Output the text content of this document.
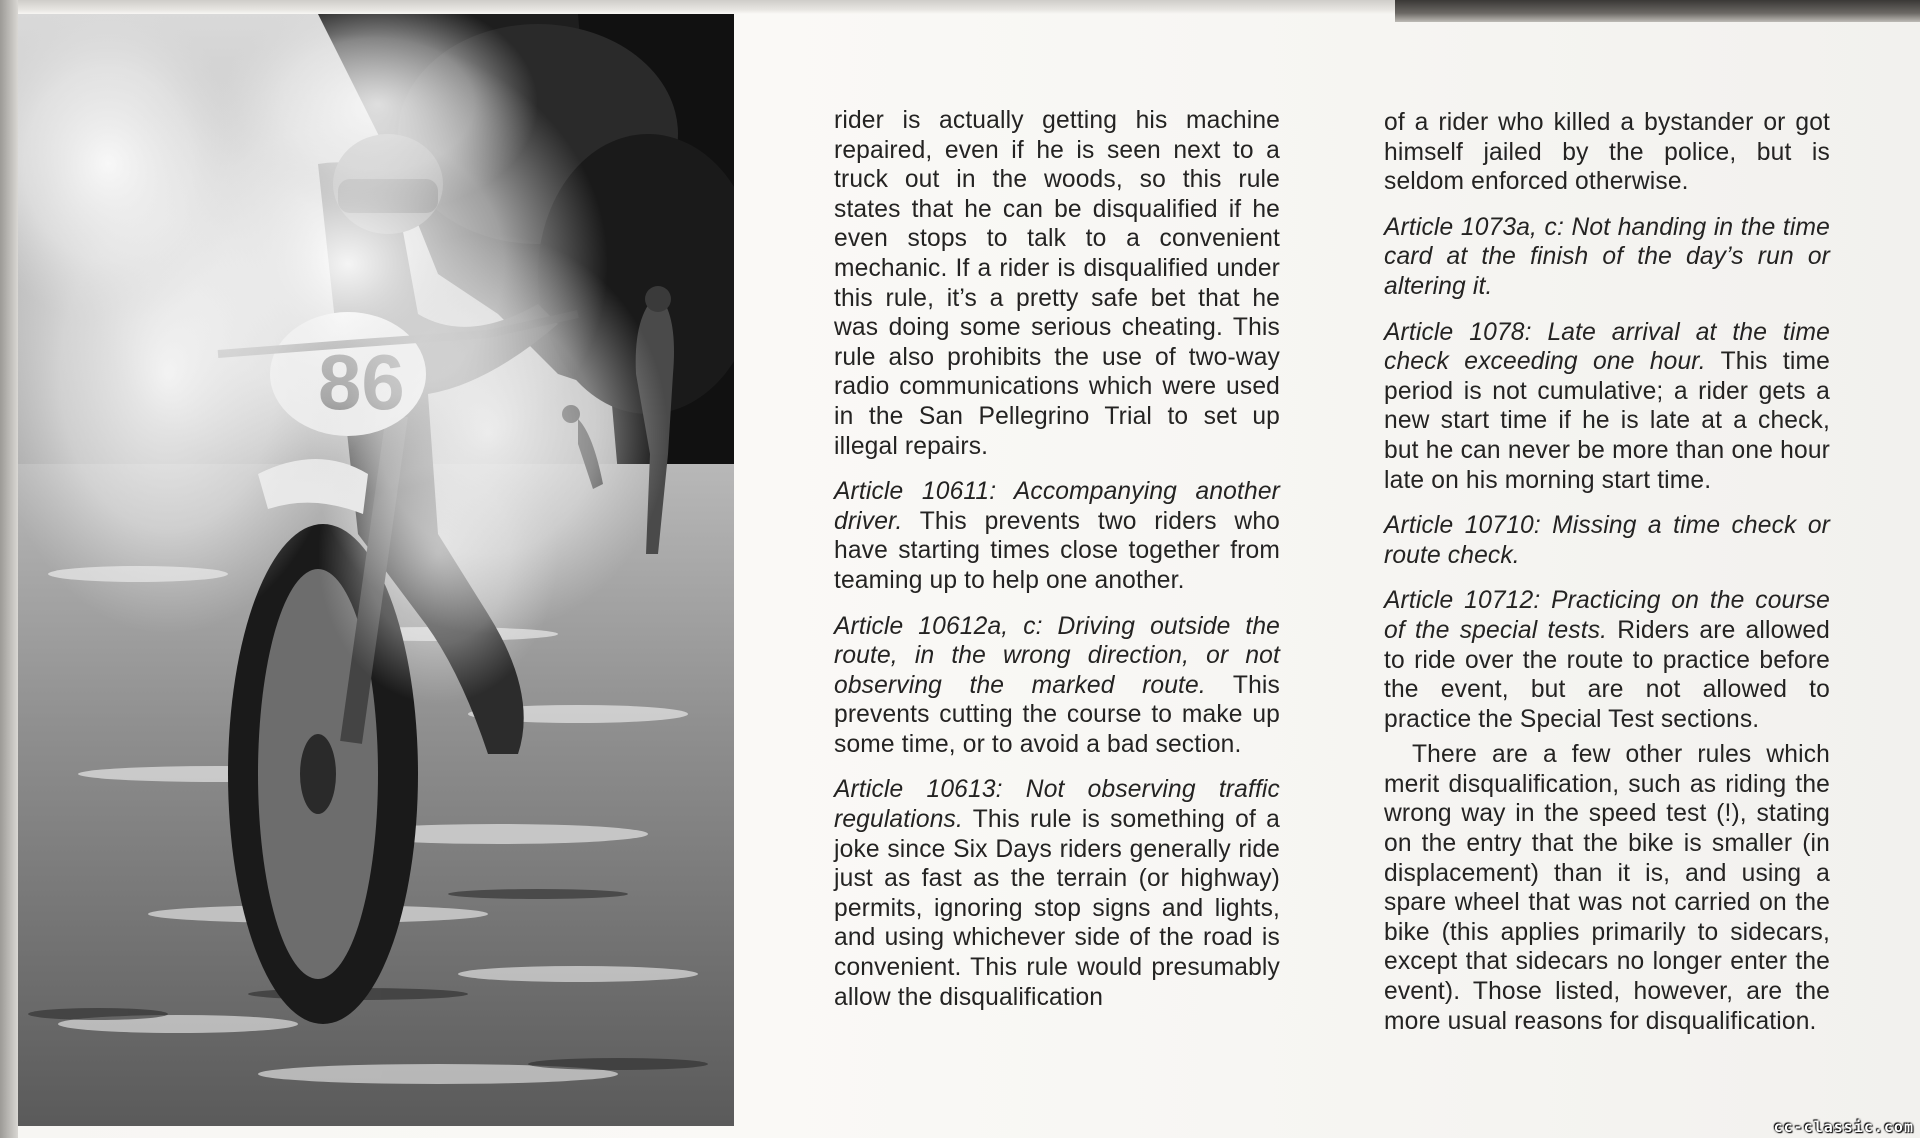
rider is actually getting his machine repaired, even if he is seen next to a truck out in the woods, so this rule states that he can be disqualified if he even stops to talk to a convenient mechanic. If a rider is disqualified under this rule, it’s a pretty safe bet that he was doing some serious cheating. This rule also prohibits the use of two-way radio communications which were used in the San Pellegrino Trial to set up illegal repairs.

Article 10611: Accompanying another driver. This prevents two riders who have starting times close together from teaming up to help one another.

Article 10612a, c: Driving outside the route, in the wrong direction, or not observing the marked route. This prevents cutting the course to make up some time, or to avoid a bad section.

Article 10613: Not observing traffic regulations. This rule is something of a joke since Six Days riders generally ride just as fast as the terrain (or highway) permits, ignoring stop signs and lights, and using whichever side of the road is convenient. This rule would presumably allow the disqualification

of a rider who killed a bystander or got himself jailed by the police, but is seldom enforced otherwise.

Article 1073a, c: Not handing in the time card at the finish of the day’s run or altering it.

Article 1078: Late arrival at the time check exceeding one hour. This time period is not cumulative; a rider gets a new start time if he is late at a check, but he can never be more than one hour late on his morning start time.

Article 10710: Missing a time check or route check.

Article 10712: Practicing on the course of the special tests. Riders are allowed to ride over the route to practice before the event, but are not allowed to practice the Special Test sections.

There are a few other rules which merit disqualification, such as riding the wrong way in the speed test (!), stating on the entry that the bike is smaller (in displacement) than it is, and using a spare wheel that was not carried on the bike (this applies primarily to sidecars, except that sidecars no longer enter the event). Those listed, however, are the more usual reasons for disqualification.

cc-classic.com
